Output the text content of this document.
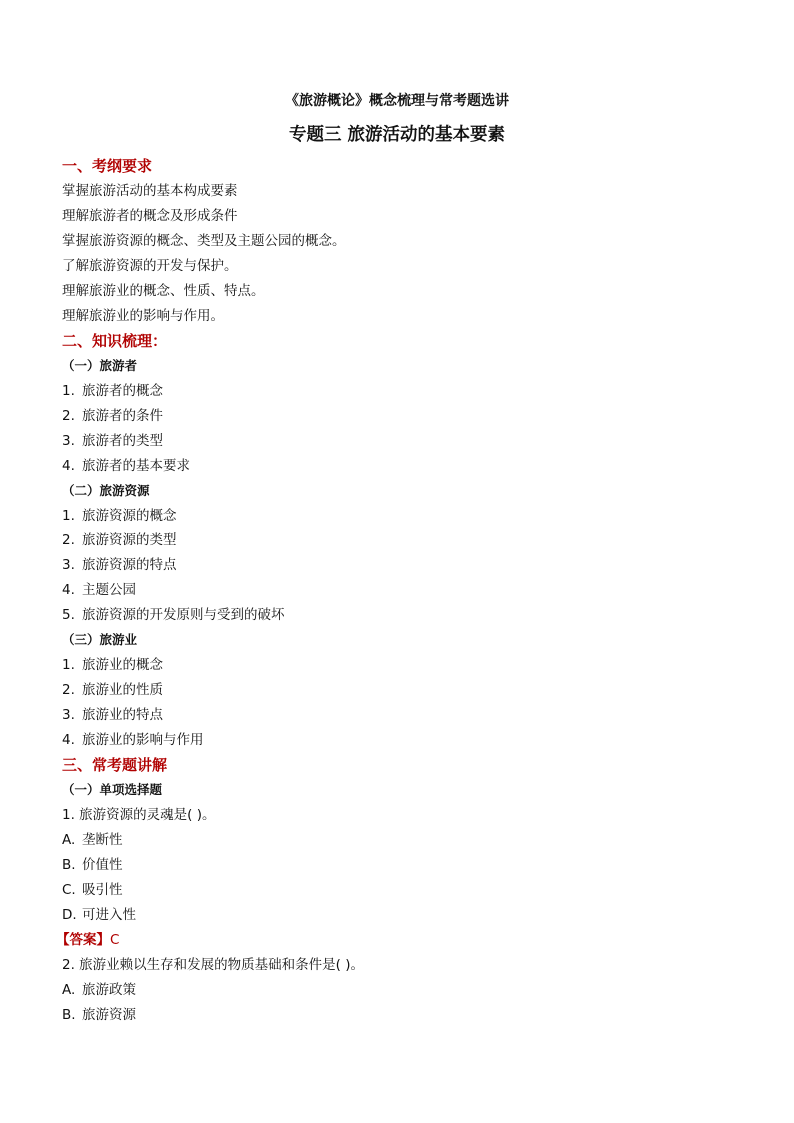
《旅游概论》概念梳理与常考题选讲
专题三 旅游活动的基本要素
一、考纲要求
掌握旅游活动的基本构成要素
理解旅游者的概念及形成条件
掌握旅游资源的概念、类型及主题公园的概念。
了解旅游资源的开发与保护。
理解旅游业的概念、性质、特点。
理解旅游业的影响与作用。
二、知识梳理：
（一）旅游者
1. 旅游者的概念
2. 旅游者的条件
3. 旅游者的类型
4. 旅游者的基本要求
（二）旅游资源
1. 旅游资源的概念
2. 旅游资源的类型
3. 旅游资源的特点
4. 主题公园
5. 旅游资源的开发原则与受到的破坏
（三）旅游业
1. 旅游业的概念
2. 旅游业的性质
3. 旅游业的特点
4. 旅游业的影响与作用
三、常考题讲解
（一）单项选择题
1. 旅游资源的灵魂是( )。
A. 垄断性
B. 价值性
C. 吸引性
D. 可进入性
【答案】C
2. 旅游业赖以生存和发展的物质基础和条件是( )。
A. 旅游政策
B. 旅游资源
